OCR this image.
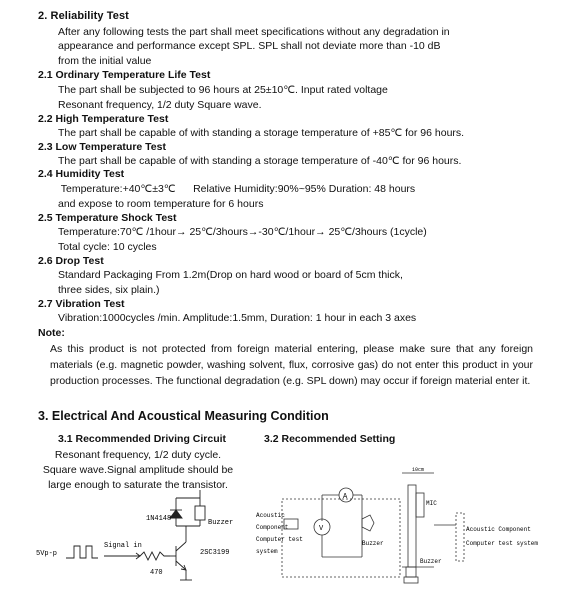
2. Reliability Test
After any following tests the part shall meet specifications without any degradation in
appearance and performance except SPL. SPL shall not deviate more than -10 dB
from the initial value
2.1 Ordinary Temperature Life Test
The part shall be subjected to 96 hours at 25±10℃. Input rated voltage
Resonant frequency, 1/2 duty Square wave.
2.2 High Temperature Test
The part shall be capable of with standing a storage temperature of +85℃ for 96 hours.
2.3 Low Temperature Test
The part shall be capable of with standing a storage temperature of -40℃ for 96 hours.
2.4 Humidity Test
Temperature:+40℃±3℃      Relative Humidity:90%~95% Duration: 48 hours
and expose to room temperature for 6 hours
2.5 Temperature Shock Test
Temperature:70℃ /1hour→ 25℃/3hours→-30℃/1hour→ 25℃/3hours (1cycle)
Total cycle: 10 cycles
2.6 Drop Test
Standard Packaging From 1.2m(Drop on hard wood or board of 5cm thick,
three sides, six plain.)
2.7 Vibration Test
Vibration:1000cycles /min. Amplitude:1.5mm, Duration: 1 hour in each 3 axes
Note:
As this product is not protected from foreign material entering, please make sure that any foreign
materials (e.g. magnetic powder, washing solvent, flux, corrosive gas) do not enter this product in your
production processes. The functional degradation (e.g. SPL down) may occur if foreign material enter it.
3. Electrical And Acoustical Measuring Condition
3.1 Recommended Driving Circuit	3.2 Recommended Setting
Resonant frequency, 1/2 duty cycle.
Square wave.Signal amplitude should be
large enough to saturate the transistor.
1N4148	Buzzer
5Vp-p
Signal in
2SC3199
470
Acoustic
Component
Computer test
system
A
V
Buzzer
10cm
MIC
Acoustic Component
Computer test system
Buzzer
